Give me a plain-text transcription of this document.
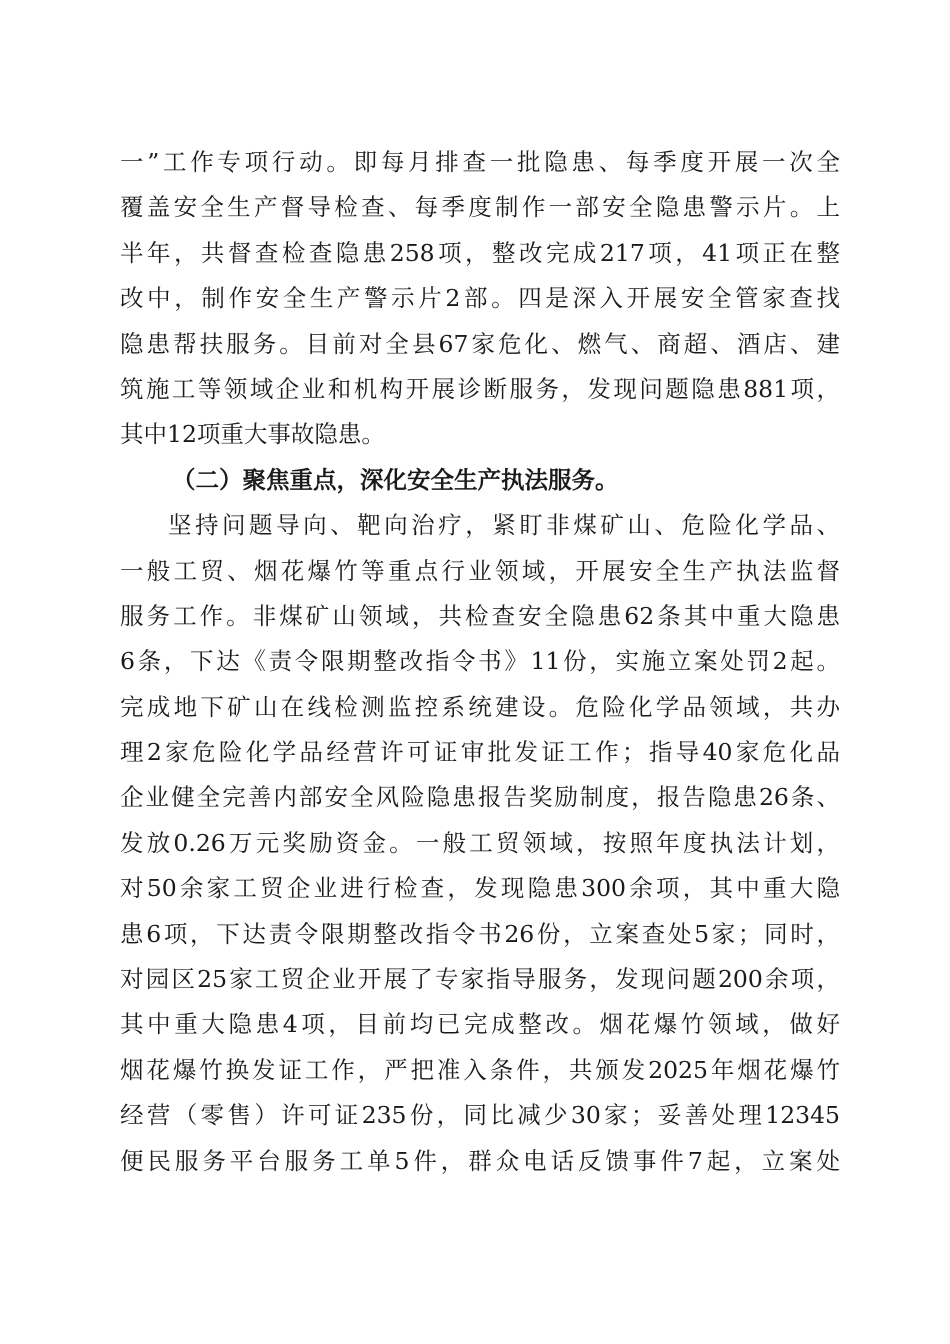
一”工作专项行动。即每月排查一批隐患、每季度开展一次全
覆盖安全生产督导检查、每季度制作一部安全隐患警示片。上
半年，共督查检查隐患258项，整改完成217项，41项正在整
改中，制作安全生产警示片2部。四是深入开展安全管家查找
隐患帮扶服务。目前对全县67家危化、燃气、商超、酒店、建
筑施工等领域企业和机构开展诊断服务，发现问题隐患881项，
其中12项重大事故隐患。
（二）聚焦重点，深化安全生产执法服务。
坚持问题导向、靶向治疗，紧盯非煤矿山、危险化学品、
一般工贸、烟花爆竹等重点行业领域，开展安全生产执法监督
服务工作。非煤矿山领域，共检查安全隐患62条其中重大隐患
6条，下达《责令限期整改指令书》11份，实施立案处罚2起。
完成地下矿山在线检测监控系统建设。危险化学品领域，共办
理2家危险化学品经营许可证审批发证工作；指导40家危化品
企业健全完善内部安全风险隐患报告奖励制度，报告隐患26条、
发放0.26万元奖励资金。一般工贸领域，按照年度执法计划，
对50余家工贸企业进行检查，发现隐患300余项，其中重大隐
患6项，下达责令限期整改指令书26份，立案查处5家；同时，
对园区25家工贸企业开展了专家指导服务，发现问题200余项，
其中重大隐患4项，目前均已完成整改。烟花爆竹领域，做好
烟花爆竹换发证工作，严把准入条件，共颁发2025年烟花爆竹
经营（零售）许可证235份，同比减少30家；妥善处理12345
便民服务平台服务工单5件，群众电话反馈事件7起，立案处
